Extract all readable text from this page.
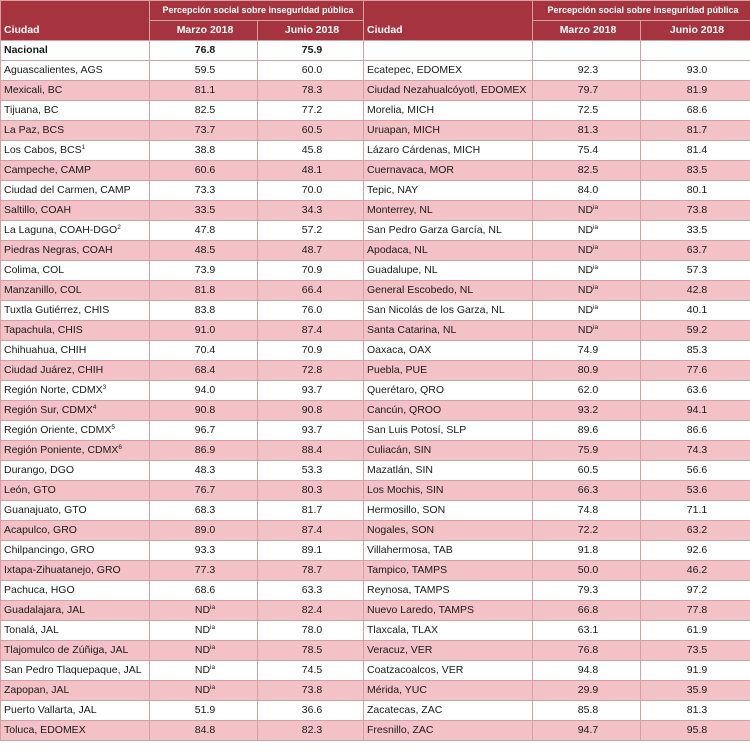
Ciudad	Percepción social sobre inseguridad pública		Ciudad	Percepción social sobre inseguridad pública	
	Marzo 2018	Junio 2018		Marzo 2018	Junio 2018
Nacional	76.8	75.9			
Aguascalientes, AGS	59.5	60.0	Ecatepec, EDOMEX	92.3	93.0
Mexicali, BC	81.1	78.3	Ciudad Nezahualcóyotl, EDOMEX	79.7	81.9
Tijuana, BC	82.5	77.2	Morelia, MICH	72.5	68.6
La Paz, BCS	73.7	60.5	Uruapan, MICH	81.3	81.7
Los Cabos, BCS$^1$	38.8	45.8	Lázaro Cárdenas, MICH	75.4	81.4
Campeche, CAMP	60.6	48.1	Cuernavaca, MOR	82.5	83.5
Ciudad del Carmen, CAMP	73.3	70.0	Tepic, NAY	84.0	80.1
Saltillo, COAH	33.5	34.3	Monterrey, NL	$ND^{ia}$	73.8
La Laguna, COAH-DGO$^2$	47.8	57.2	San Pedro Garza García, NL	$ND^{ia}$	33.5
Piedras Negras, COAH	48.5	48.7	Apodaca, NL	$ND^{ia}$	63.7
Colima, COL	73.9	70.9	Guadalupe, NL	$ND^{ia}$	57.3
Manzanillo, COL	81.8	66.4	General Escobedo, NL	$ND^{ia}$	42.8
Tuxtla Gutiérrez, CHIS	83.8	76.0	San Nicolás de los Garza, NL	$ND^{ia}$	40.1
Tapachula, CHIS	91.0	87.4	Santa Catarina, NL	$ND^{ia}$	59.2
Chihuahua, CHIH	70.4	70.9	Oaxaca, OAX	74.9	85.3
Ciudad Juárez, CHIH	68.4	72.8	Puebla, PUE	80.9	77.6
Región Norte, CDMX$^3$	94.0	93.7	Querétaro, QRO	62.0	63.6
Región Sur, CDMX$^4$	90.8	90.8	Cancún, QROO	93.2	94.1
Región Oriente, CDMX$^5$	96.7	93.7	San Luis Potosí, SLP	89.6	86.6
Región Poniente, CDMX$^6$	86.9	88.4	Culiacán, SIN	75.9	74.3
Durango, DGO	48.3	53.3	Mazatlán, SIN	60.5	56.6
León, GTO	76.7	80.3	Los Mochis, SIN	66.3	53.6
Guanajuato, GTO	68.3	81.7	Hermosillo, SON	74.8	71.1
Acapulco, GRO	89.0	87.4	Nogales, SON	72.2	63.2
Chilpancingo, GRO	93.3	89.1	Villahermosa, TAB	91.8	92.6
Ixtapa-Zihuatanejo, GRO	77.3	78.7	Tampico, TAMPS	50.0	46.2
Pachuca, HGO	68.6	63.3	Reynosa, TAMPS	79.3	97.2
Guadalajara, JAL	$ND^{ia}$	82.4	Nuevo Laredo, TAMPS	66.8	77.8
Tonalá, JAL	$ND^{ia}$	78.0	Tlaxcala, TLAX	63.1	61.9
Tlajomulco de Zúñiga, JAL	$ND^{ia}$	78.5	Veracuz, VER	76.8	73.5
San Pedro Tlaquepaque, JAL	$ND^{ia}$	74.5	Coatzacoalcos, VER	94.8	91.9
Zapopan, JAL	$ND^{ia}$	73.8	Mérida, YUC	29.9	35.9
Puerto Vallarta, JAL	51.9	36.6	Zacatecas, ZAC	85.8	81.3
Toluca, EDOMEX	84.8	82.3	Fresnillo, ZAC	94.7	95.8
